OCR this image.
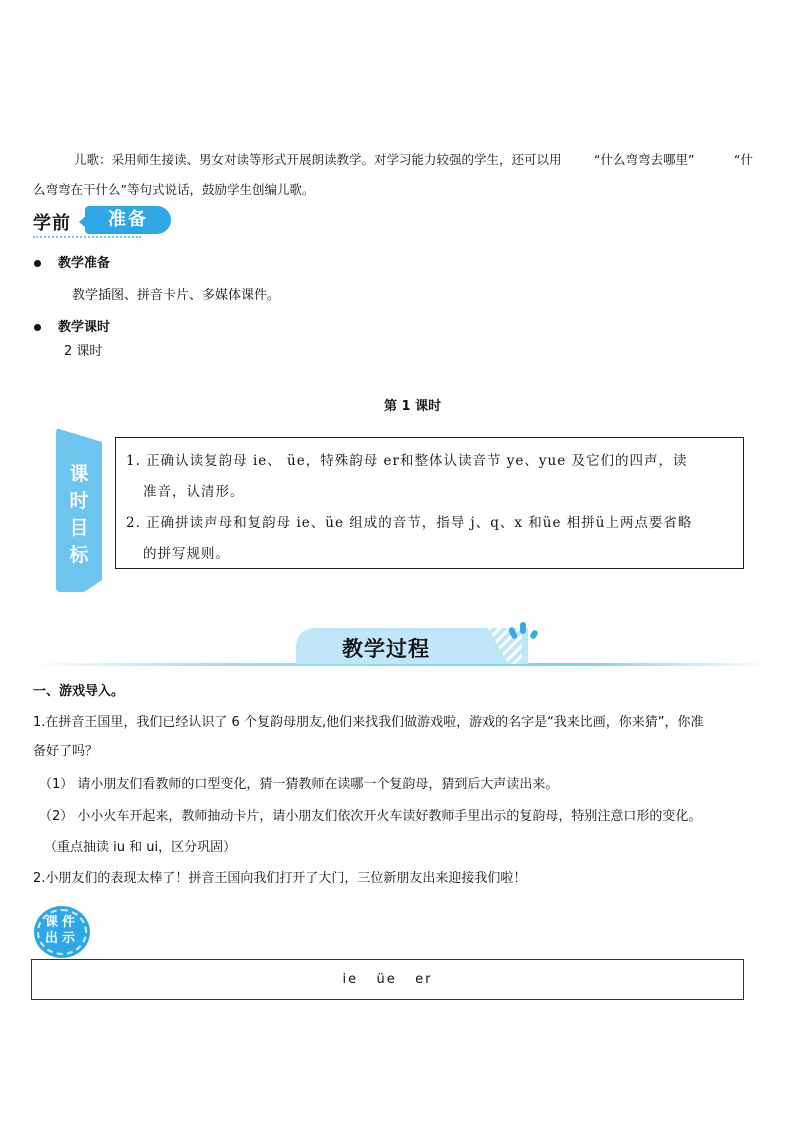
儿歌：采用师生接读、男女对读等形式开展朗读教学。对学习能力较强的学生，还可以用	“什么弯弯去哪里”	“什
么弯弯在干什么”等句式说话，鼓励学生创编儿歌。
学前	准备
教学准备
教学插图、拼音卡片、多媒体课件。
教学课时
2 课时
第 1 课时
课
时
目
标
1. 正确认读复韵母 ie、 üe，特殊韵母 er和整体认读音节 ye、yue 及它们的四声，读
准音，认清形。
2. 正确拼读声母和复韵母 ie、üe 组成的音节，指导 j、q、x 和üe 相拼ü上两点要省略
的拼写规则。
教学过程
一、游戏导入。
1.在拼音王国里，我们已经认识了 6 个复韵母朋友,他们来找我们做游戏啦，游戏的名字是“我来比画，你来猜”，你准
备好了吗？
（1） 请小朋友们看教师的口型变化，猜一猜教师在读哪一个复韵母，猜到后大声读出来。
（2） 小小火车开起来，教师抽动卡片，请小朋友们依次开火车读好教师手里出示的复韵母，特别注意口形的变化。
（重点抽读 iu 和 ui，区分巩固）
2.小朋友们的表现太棒了！拼音王国向我们打开了大门，三位新朋友出来迎接我们啦！
课件
出示
ie   üe   er
